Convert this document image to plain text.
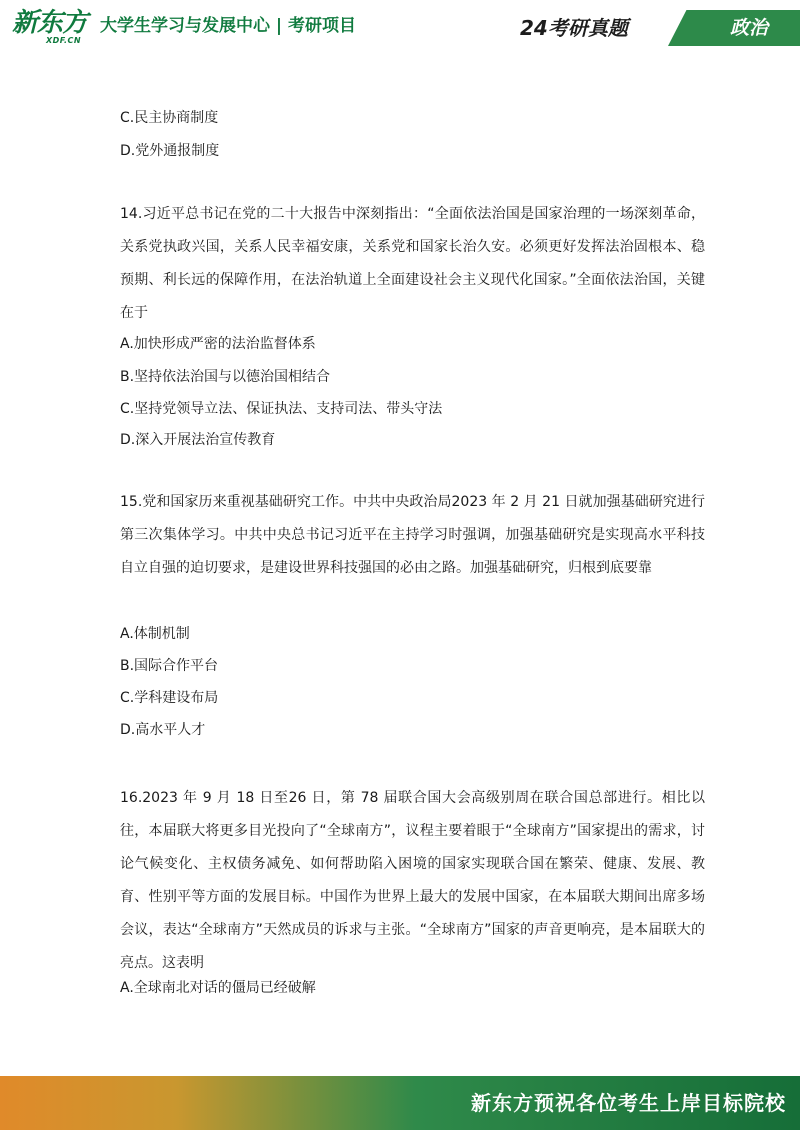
新东方
XDF.CN
大学生学习与发展中心 | 考研项目	24考研真题	政治
C.民主协商制度
D.党外通报制度
14.习近平总书记在党的二十大报告中深刻指出：“全面依法治国是国家治理的一场深刻革命，关系党执政兴国，关系人民幸福安康，关系党和国家长治久安。必须更好发挥法治固根本、稳预期、利长远的保障作用，在法治轨道上全面建设社会主义现代化国家。”全面依法治国，关键在于
A.加快形成严密的法治监督体系
B.坚持依法治国与以德治国相结合
C.坚持党领导立法、保证执法、支持司法、带头守法
D.深入开展法治宣传教育
15.党和国家历来重视基础研究工作。中共中央政治局2023 年 2 月 21 日就加强基础研究进行第三次集体学习。中共中央总书记习近平在主持学习时强调，加强基础研究是实现高水平科技自立自强的迫切要求，是建设世界科技强国的必由之路。加强基础研究，归根到底要靠
A.体制机制
B.国际合作平台
C.学科建设布局
D.高水平人才
16.2023 年 9 月 18 日至26 日，第 78 届联合国大会高级别周在联合国总部进行。相比以往，本届联大将更多目光投向了“全球南方”，议程主要着眼于“全球南方”国家提出的需求，讨论气候变化、主权债务减免、如何帮助陷入困境的国家实现联合国在繁荣、健康、发展、教育、性别平等方面的发展目标。中国作为世界上最大的发展中国家，在本届联大期间出席多场会议，表达“全球南方”天然成员的诉求与主张。“全球南方”国家的声音更响亮，是本届联大的亮点。这表明
A.全球南北对话的僵局已经破解
新东方预祝各位考生上岸目标院校
